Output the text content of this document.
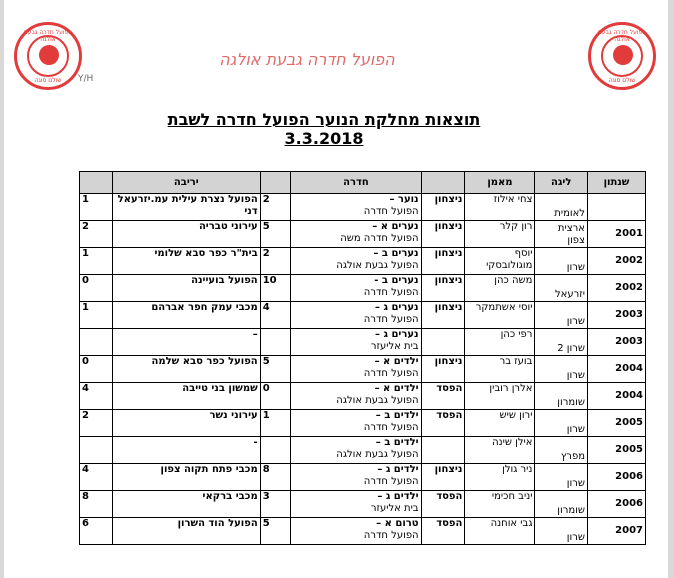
הפועל חדרה גבעת אולגה
שולם סוגה	Y/H
הפועל חדרה גבעת אולגה
הפועל חדרה גבעת אולגה
שולם סוגה
תוצאות מחלקת הנוער הפועל חדרה לשבת 3.3.2018
שנתון	ליגה	מאמן		חדרה		יריבה	
	לאומית	צחי אילוז	ניצחון	נוער –
הפועל חדרה	2	הפועל נצרת עילית עמ.יזרעאל דני	1
2001	ארצית צפון	רון קלר	ניצחון	נערים א –
הפועל חדרה משה	5	עירוני טבריה	2
2002	שרון	יוסף מוגולובסקי	ניצחון	נערים ב –
הפועל גבעת אולגה	2	בית"ר כפר סבא שלומי	1
2002	יזרעאל	משה כהן	ניצחון	נערים ב -
הפועל חדרה	10	הפועל בועיינה	0
2003	שרון	יוסי אשתמקר	ניצחון	נערים ג –
הפועל חדרה	4	מכבי עמק חפר אברהם	1
2003	שרון 2	רפי כהן		נערים ג –
בית אליעזר		–	
2004	שרון	בועז בר	ניצחון	ילדים א –
הפועל חדרה	5	הפועל כפר סבא שלמה	0
2004	שומרון	אלרן רובין	הפסד	ילדים א –
הפועל גבעת אולגה	0	שמשון בני טייבה	4
2005	שרון	ירון שיש	הפסד	ילדים ב –
הפועל חדרה	1	עירוני נשר	2
2005	מפרץ	אילן שינה		ילדים ב –
הפועל גבעת אולגה		-	
2006	שרון	ניר גולן	ניצחון	ילדים ג –
הפועל חדרה	8	מכבי פתח תקוה צפון	4
2006	שומרון	יניב חכימי	הפסד	ילדים ג –
בית אליעזר	3	מכבי ברקאי	8
2007	שרון	גבי אוחנה	הפסד	טרום א –
הפועל חדרה	5	הפועל הוד השרון	6
